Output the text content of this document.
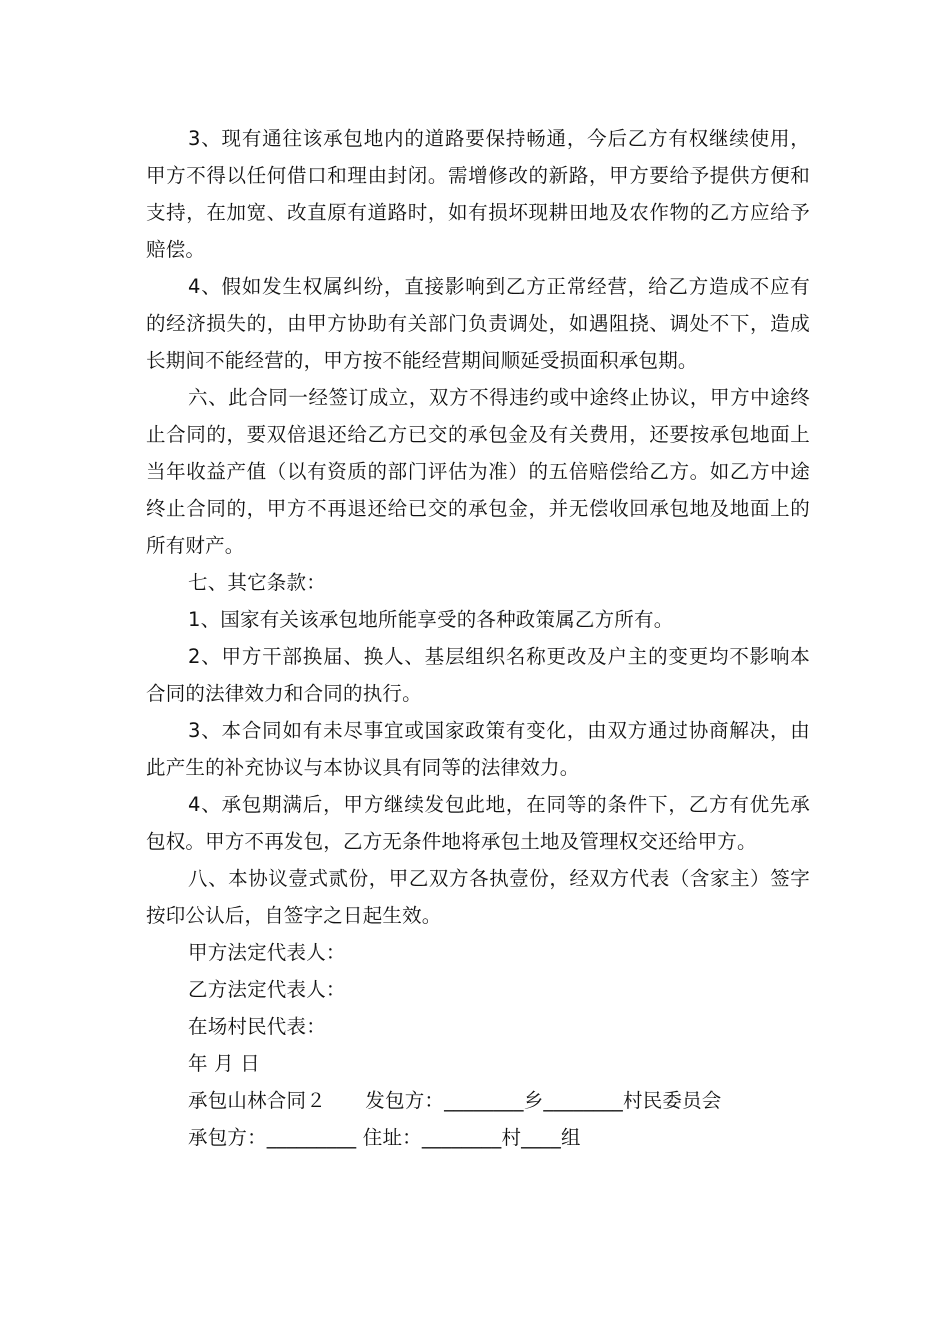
3、现有通往该承包地内的道路要保持畅通，今后乙方有权继续使用，甲方不得以任何借口和理由封闭。需增修改的新路，甲方要给予提供方便和支持，在加宽、改直原有道路时，如有损坏现耕田地及农作物的乙方应给予赔偿。

4、假如发生权属纠纷，直接影响到乙方正常经营，给乙方造成不应有的经济损失的，由甲方协助有关部门负责调处，如遇阻挠、调处不下，造成长期间不能经营的，甲方按不能经营期间顺延受损面积承包期。

六、此合同一经签订成立，双方不得违约或中途终止协议，甲方中途终止合同的，要双倍退还给乙方已交的承包金及有关费用，还要按承包地面上当年收益产值（以有资质的部门评估为准）的五倍赔偿给乙方。如乙方中途终止合同的，甲方不再退还给已交的承包金，并无偿收回承包地及地面上的所有财产。

七、其它条款：

1、国家有关该承包地所能享受的各种政策属乙方所有。

2、甲方干部换届、换人、基层组织名称更改及户主的变更均不影响本合同的法律效力和合同的执行。

3、本合同如有未尽事宜或国家政策有变化，由双方通过协商解决，由此产生的补充协议与本协议具有同等的法律效力。

4、承包期满后，甲方继续发包此地，在同等的条件下，乙方有优先承包权。甲方不再发包，乙方无条件地将承包土地及管理权交还给甲方。

八、本协议壹式贰份，甲乙双方各执壹份，经双方代表（含家主）签字按印公认后，自签字之日起生效。

甲方法定代表人：

乙方法定代表人：

在场村民代表：

年 月 日

承包山林合同２　　发包方：________乡________村民委员会

承包方：_________ 住址：________村____组
